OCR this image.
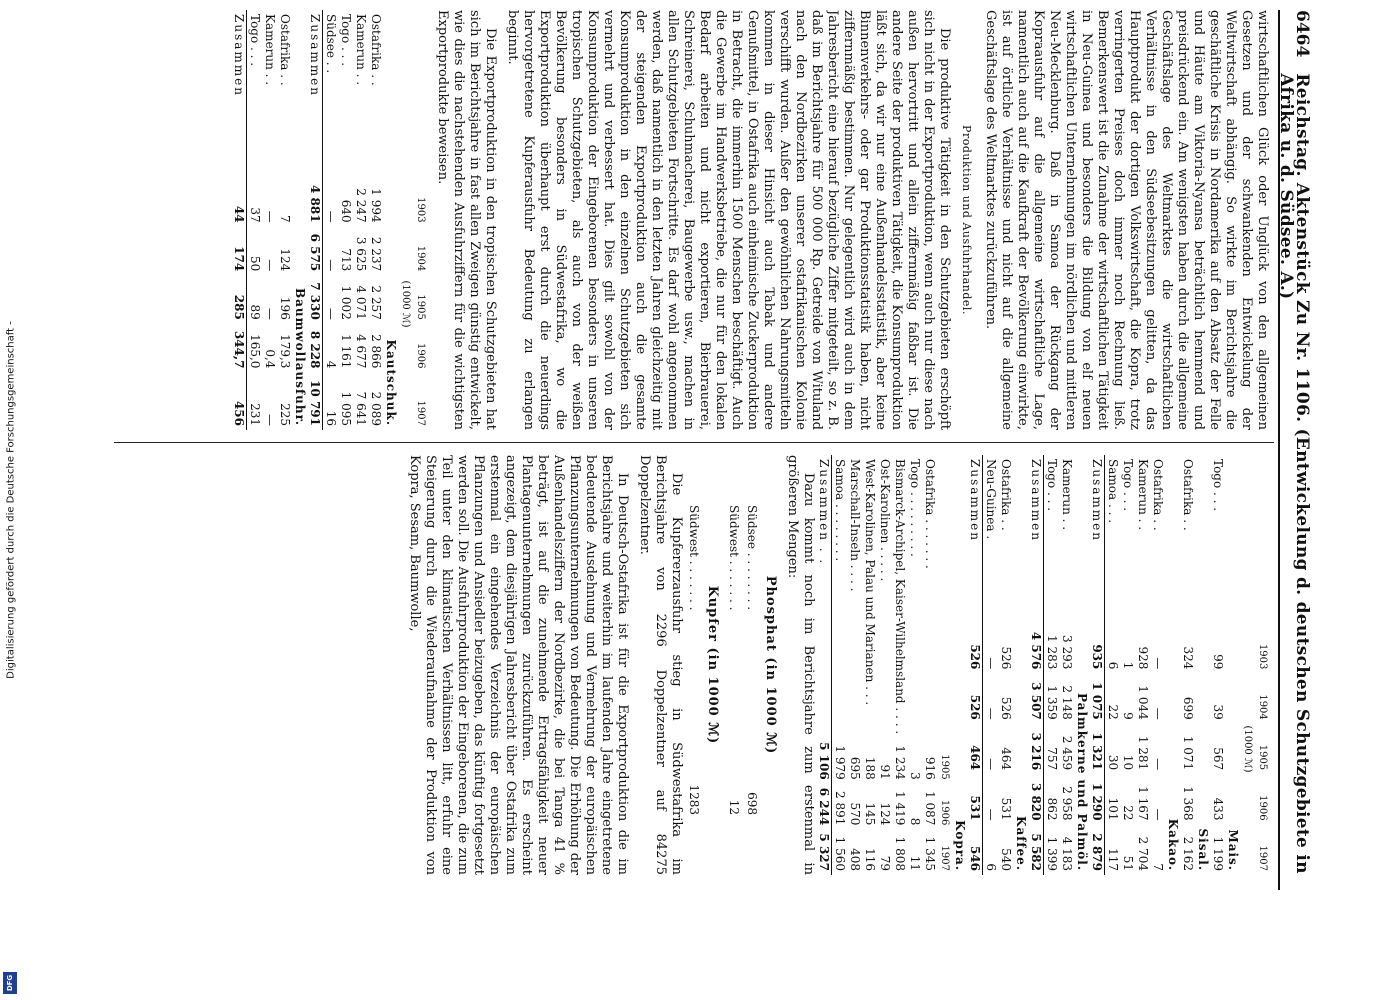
Digitalisierung gefördert durch die Deutsche Forschungsgemeinschaft -
DFG
6464
Reichstag. Aktenstück Zu Nr. 1106. (Entwickelung d. deutschen Schutzgebiete in Afrika u. d. Südsee. A.)

wirtschaftlichen Glück oder Unglück von den allgemeinen Gesetzen und der schwankenden Entwickelung der Weltwirtschaft abhängig. So wirkte im Berichtsjahre die geschäftliche Krisis in Nordamerika auf den Absatz der Felle und Häute am Viktoria-Nyansa beträchtlich hemmend und preisdrückend ein. Am wenigsten haben durch die allgemeine Geschäftslage des Weltmarktes die wirtschaftlichen Verhältnisse in den Südseebesitzungen gelitten, da das Hauptprodukt der dortigen Volkswirtschaft, die Kopra, trotz verringerten Preises doch immer noch Rechnung ließ. Bemerkenswert ist die Zunahme der wirtschaftlichen Tätigkeit in Neu-Guinea und besonders die Bildung von elf neuen wirtschaftlichen Unternehmungen im nördlichen und mittleren Neu-Mecklenburg. Daß in Samoa der Rückgang der Kopraausfuhr auf die allgemeine wirtschaftliche Lage, namentlich auch auf die Kaufkraft der Bevölkerung einwirkte, ist auf örtliche Verhältnisse und nicht auf die allgemeine Geschäftslage des Weltmarktes zurückzuführen.

Produktion und Ausfuhrhandel.

Die produktive Tätigkeit in den Schutzgebieten erschöpft sich nicht in der Exportproduktion, wenn auch nur diese nach außen hervortritt und allein ziffernmäßig faßbar ist. Die andere Seite der produktiven Tätigkeit, die Konsumproduktion läßt sich, da wir nur eine Außenhandelsstatistik, aber keine Binnenverkehrs- oder gar Produktionsstatistik haben, nicht ziffernmäßig bestimmen. Nur gelegentlich wird auch in dem Jahresbericht eine hierauf bezügliche Ziffer mitgeteilt, so z. B. daß im Berichtsjahre für 500 000 Rp. Getreide von Wituland nach den Nordbezirken unserer ostafrikanischen Kolonie verschifft wurden. Außer den gewöhnlichen Nahrungsmitteln kommen in dieser Hinsicht auch Tabak und andere Genußmittel, in Ostafrika auch einheimische Zuckerproduktion in Betracht, die immerhin 1500 Menschen beschäftigt. Auch die Gewerbe im Handwerksbetriebe, die nur für den lokalen Bedarf arbeiten und nicht exportieren, Bierbrauerei, Schreinerei, Schuhmacherei, Baugewerbe usw., machen in allen Schutzgebieten Fortschritte. Es darf wohl angenommen werden, daß namentlich in den letzten Jahren gleichzeitig mit der steigenden Exportproduktion auch die gesamte Konsumproduktion in den einzelnen Schutzgebieten sich vermehrt und verbessert hat. Dies gilt sowohl von der Konsumproduktion der Eingeborenen besonders in unseren tropischen Schutzgebieten, als auch von der weißen Bevölkerung besonders in Südwestafrika, wo die Exportproduktion überhaupt erst durch die neuerdings hervorgetretene Kupferausfuhr Bedeutung zu erlangen beginnt.

Die Exportproduktion in den tropischen Schutzgebieten hat sich im Berichtsjahre in fast allen Zweigen günstig entwickelt, wie dies die nachstehenden Ausfuhrziffern für die wichtigsten Exportprodukte beweisen.

	1903	1904	1905	1906	1907
	(1000 ℳ)				
Kautschuk.					
Ostafrika . .	1 994	2 237	2 257	2 866	2 089
Kamerun . .	2 247	3 625	4 071	4 677	7 641
Togo . . .	640	713	1 002	1 161	1 095
Südsee . .	—	—	—	4	16
Zusammen	4 881	6 575	7 330	8 228	10 791
Baumwollausfuhr.					
Ostafrika . .	7	124	196	179,3	225
Kamerun . .	—	—	—	0,4	—
Togo . . .	37	50	89	165,0	231
Zusammen	44	174	285	344,7	456
	1903	1904	1905	1906	1907
	(1000 ℳ)				
Mais.					
Togo . . .	99	39	567	433	1 199
Sisal.					
Ostafrika . .	324	699	1 071	1 368	2 162
Kakao.					
Ostafrika . .	—	—	—	—	7
Kamerun . .	928	1 044	1 281	1 167	2 704
Togo . . .	1	9	10	22	51
Samoa . . .	6	22	30	101	117
Zusammen	935	1 075	1 321	1 290	2 879
Palmkerne und Palmöl.					
Kamerun . .	3 293	2 148	2 459	2 958	4 183
Togo . . .	1 283	1 359	757	862	1 399
Zusammen	4 576	3 507	3 216	3 820	5 582
Kaffee.					
Ostafrika . .	526	526	464	531	540
Neu-Guinea .	—	—	—	—	6
Zusammen	526	526	464	531	546
Kopra.			
	1905	1906	1907
Ostafrika . . . . . . .	916	1 087	1 345
Togo . . . . . . . . .	3	8	11
Bismarck-Archipel, Kaiser-Wilhelmsland . . . .	1 234	1 419	1 808
Ost-Karolinen . . . . .	91	124	79
West-Karolinen, Palau und Marianen . . .	188	145	116
Marschall-Inseln . . . .	695	570	408
Samoa . . . . . . . .	1 979	2 891	1 560
Zusammen . .	5 106	6 244	5 327

Dazu kommt noch im Berichtsjahre zum erstenmal in größeren Mengen:

Phosphat (in 1000 ℳ)
Südsee . . . . . . . .
698
Südwest . . . . . . .
12
Kupfer (in 1000 ℳ)
Südwest . . . . . . .
1283

Die Kupfererzausfuhr stieg in Südwestafrika im Berichtsjahre von 2296 Doppelzentner auf 84275 Doppelzentner.

In Deutsch-Ostafrika ist für die Exportproduktion die im Berichtsjahre und weiterhin im laufenden Jahre eingetretene bedeutende Ausdehnung und Vermehrung der europäischen Pflanzungsunternehmungen von Bedeutung. Die Erhöhung der Außenhandelsziffern der Nordbezirke, die bei Tanga 41 % beträgt, ist auf die zunehmende Ertragsfähigkeit neuer Plantagenunternehmungen zurückzuführen. Es erscheint angezeigt, dem diesjährigen Jahresbericht über Ostafrika zum erstenmal ein eingehendes Verzeichnis der europäischen Pflanzungen und Ansiedler beizugeben, das künftig fortgesetzt werden soll. Die Ausfuhrproduktion der Eingeborenen, die zum Teil unter den klimatischen Verhältnissen litt, erfuhr eine Steigerung durch die Wiederaufnahme der Produktion von Kopra, Sesam, Baumwolle,
